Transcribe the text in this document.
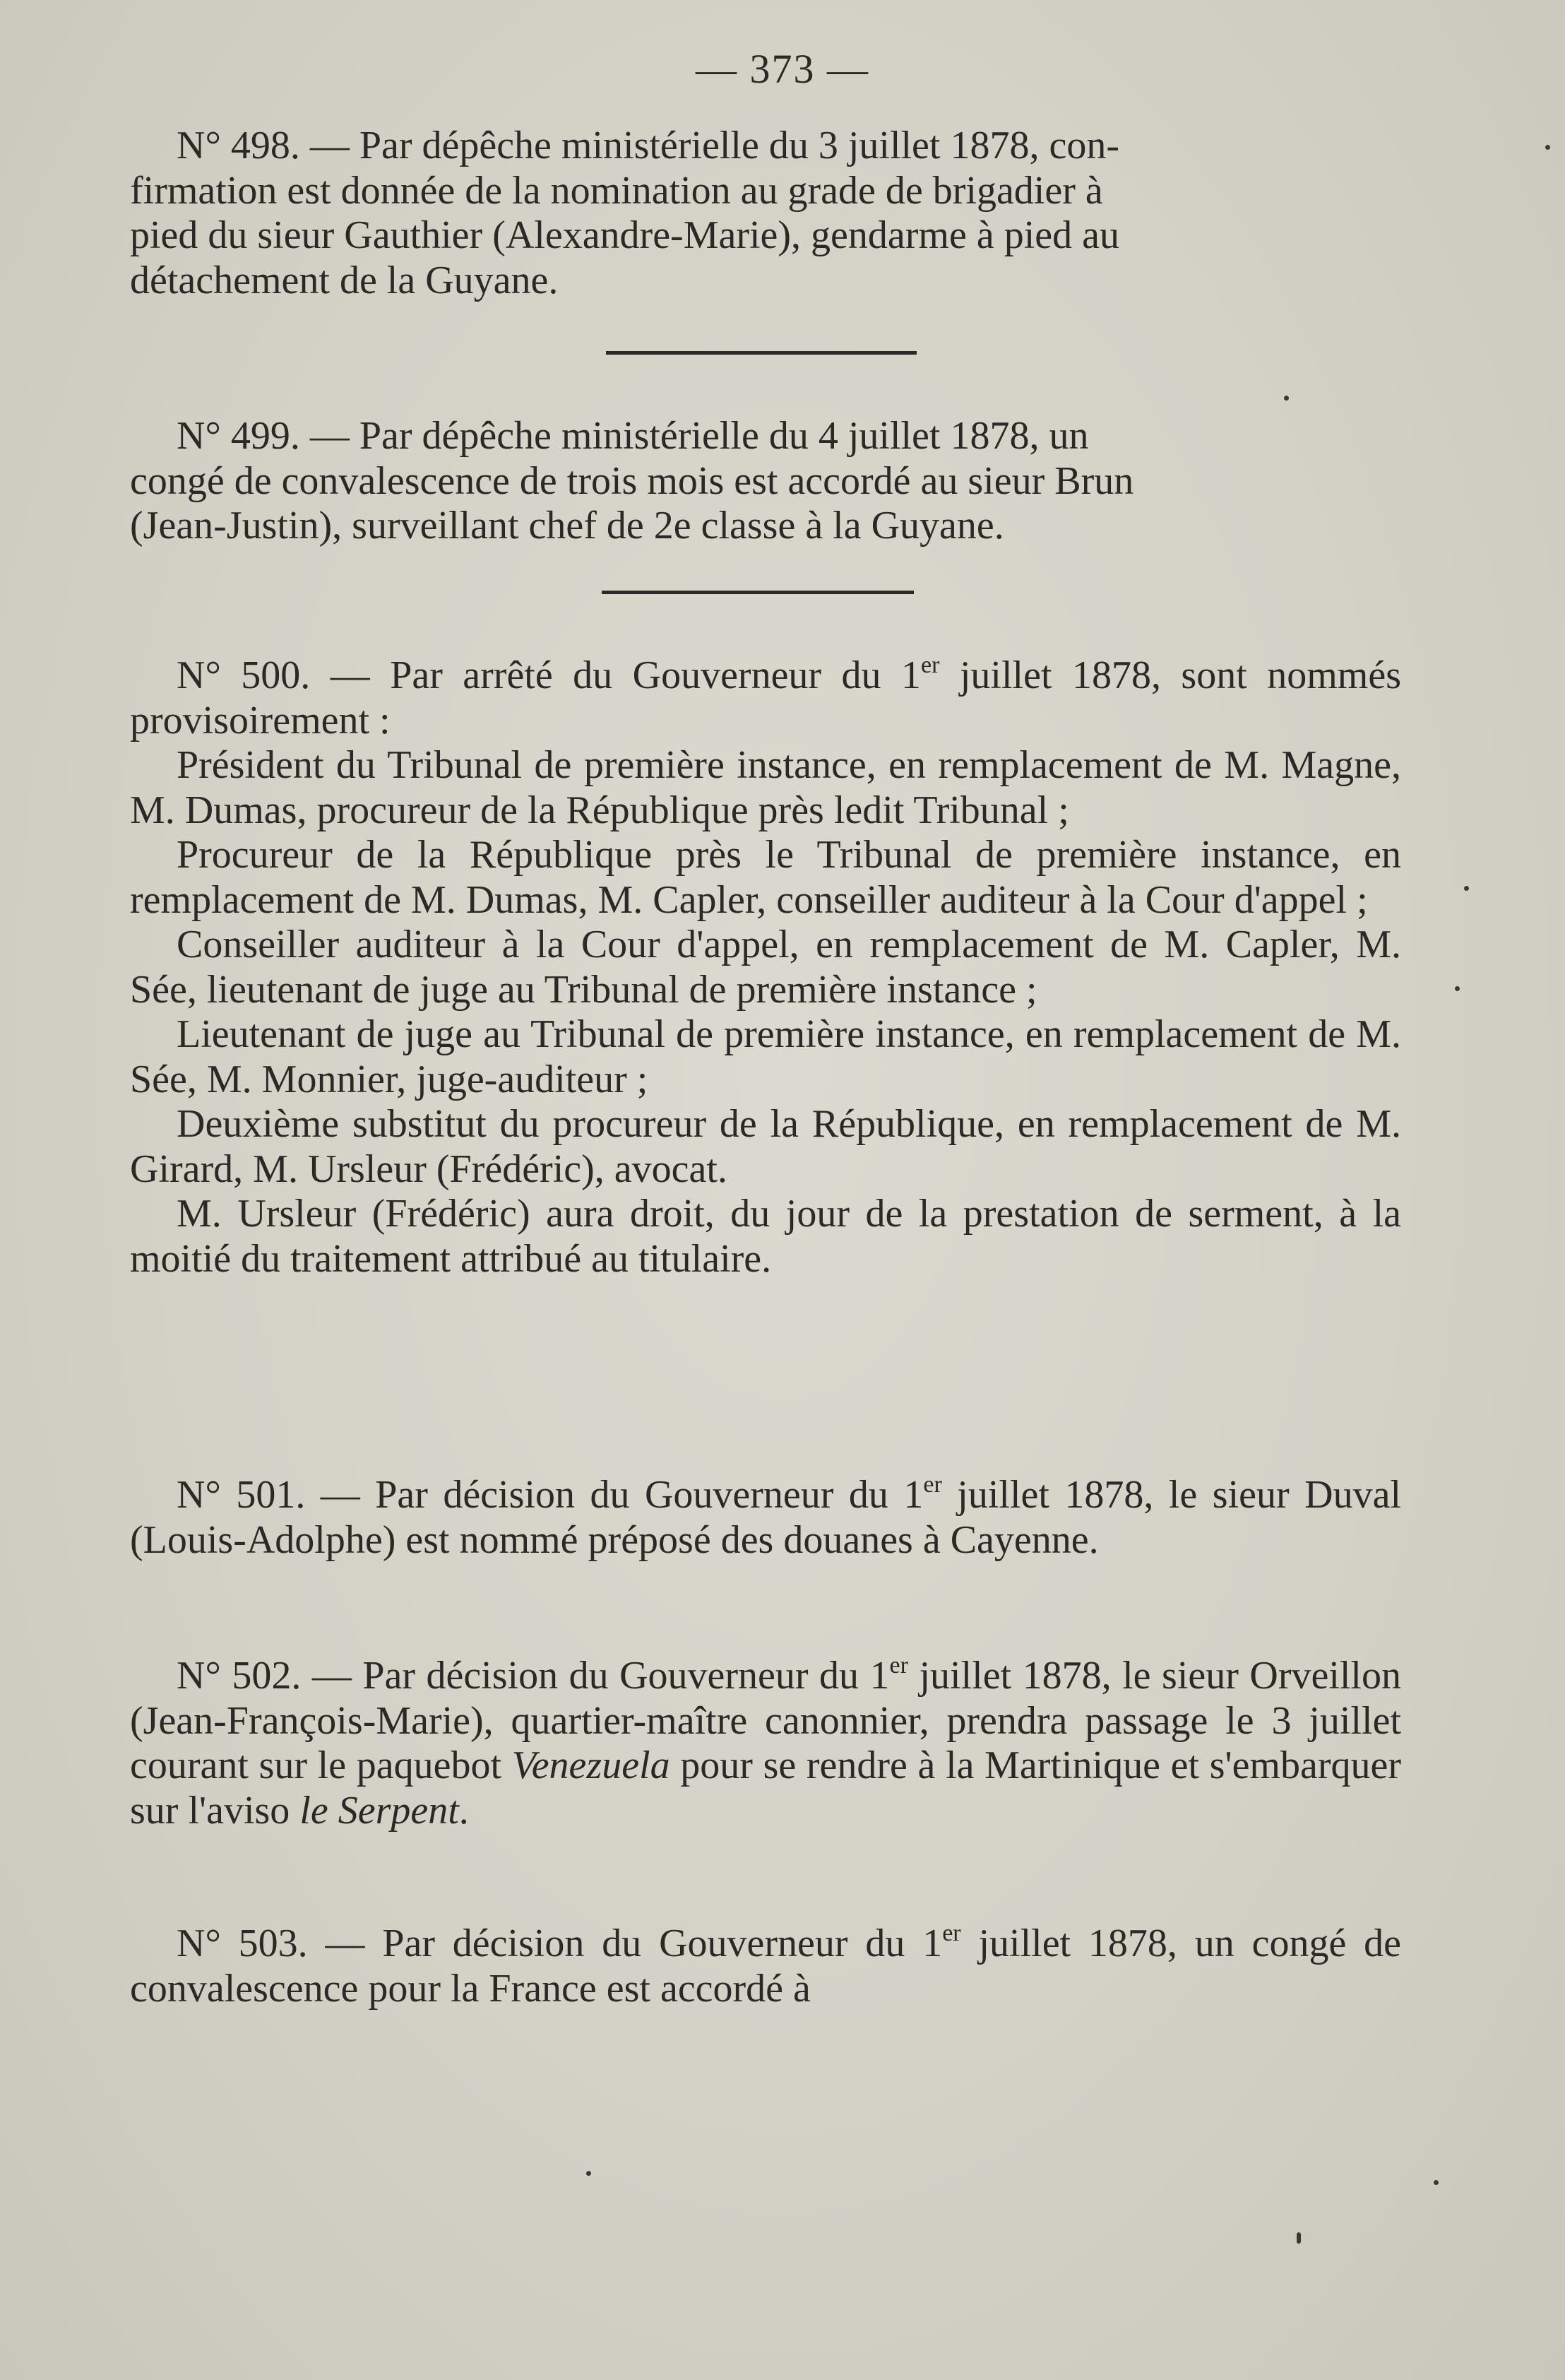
— 373 —

N° 498. — Par dépêche ministérielle du 3 juillet 1878, con-

firmation est donnée de la nomination au grade de brigadier à

pied du sieur Gauthier (Alexandre-Marie), gendarme à pied au

détachement de la Guyane.

N° 499. — Par dépêche ministérielle du 4 juillet 1878, un

congé de convalescence de trois mois est accordé au sieur Brun

(Jean-Justin), surveillant chef de 2e classe à la Guyane.

N° 500. — Par arrêté du Gouverneur du 1er juillet 1878, sont nommés provisoirement :

Président du Tribunal de première instance, en remplacement de M. Magne, M. Dumas, procureur de la République près ledit Tribunal ;

Procureur de la République près le Tribunal de première instance, en remplacement de M. Dumas, M. Capler, conseiller auditeur à la Cour d'appel ;

Conseiller auditeur à la Cour d'appel, en remplacement de M. Capler, M. Sée, lieutenant de juge au Tribunal de première instance ;

Lieutenant de juge au Tribunal de première instance, en remplacement de M. Sée, M. Monnier, juge-auditeur ;

Deuxième substitut du procureur de la République, en remplacement de M. Girard, M. Ursleur (Frédéric), avocat.

M. Ursleur (Frédéric) aura droit, du jour de la prestation de serment, à la moitié du traitement attribué au titulaire.

N° 501. — Par décision du Gouverneur du 1er juillet 1878, le sieur Duval (Louis-Adolphe) est nommé préposé des douanes à Cayenne.

N° 502. — Par décision du Gouverneur du 1er juillet 1878, le sieur Orveillon (Jean-François-Marie), quartier-maître canonnier, prendra passage le 3 juillet courant sur le paquebot Venezuela pour se rendre à la Martinique et s'embarquer sur l'aviso le Serpent.

N° 503. — Par décision du Gouverneur du 1er juillet 1878, un congé de convalescence pour la France est accordé à
